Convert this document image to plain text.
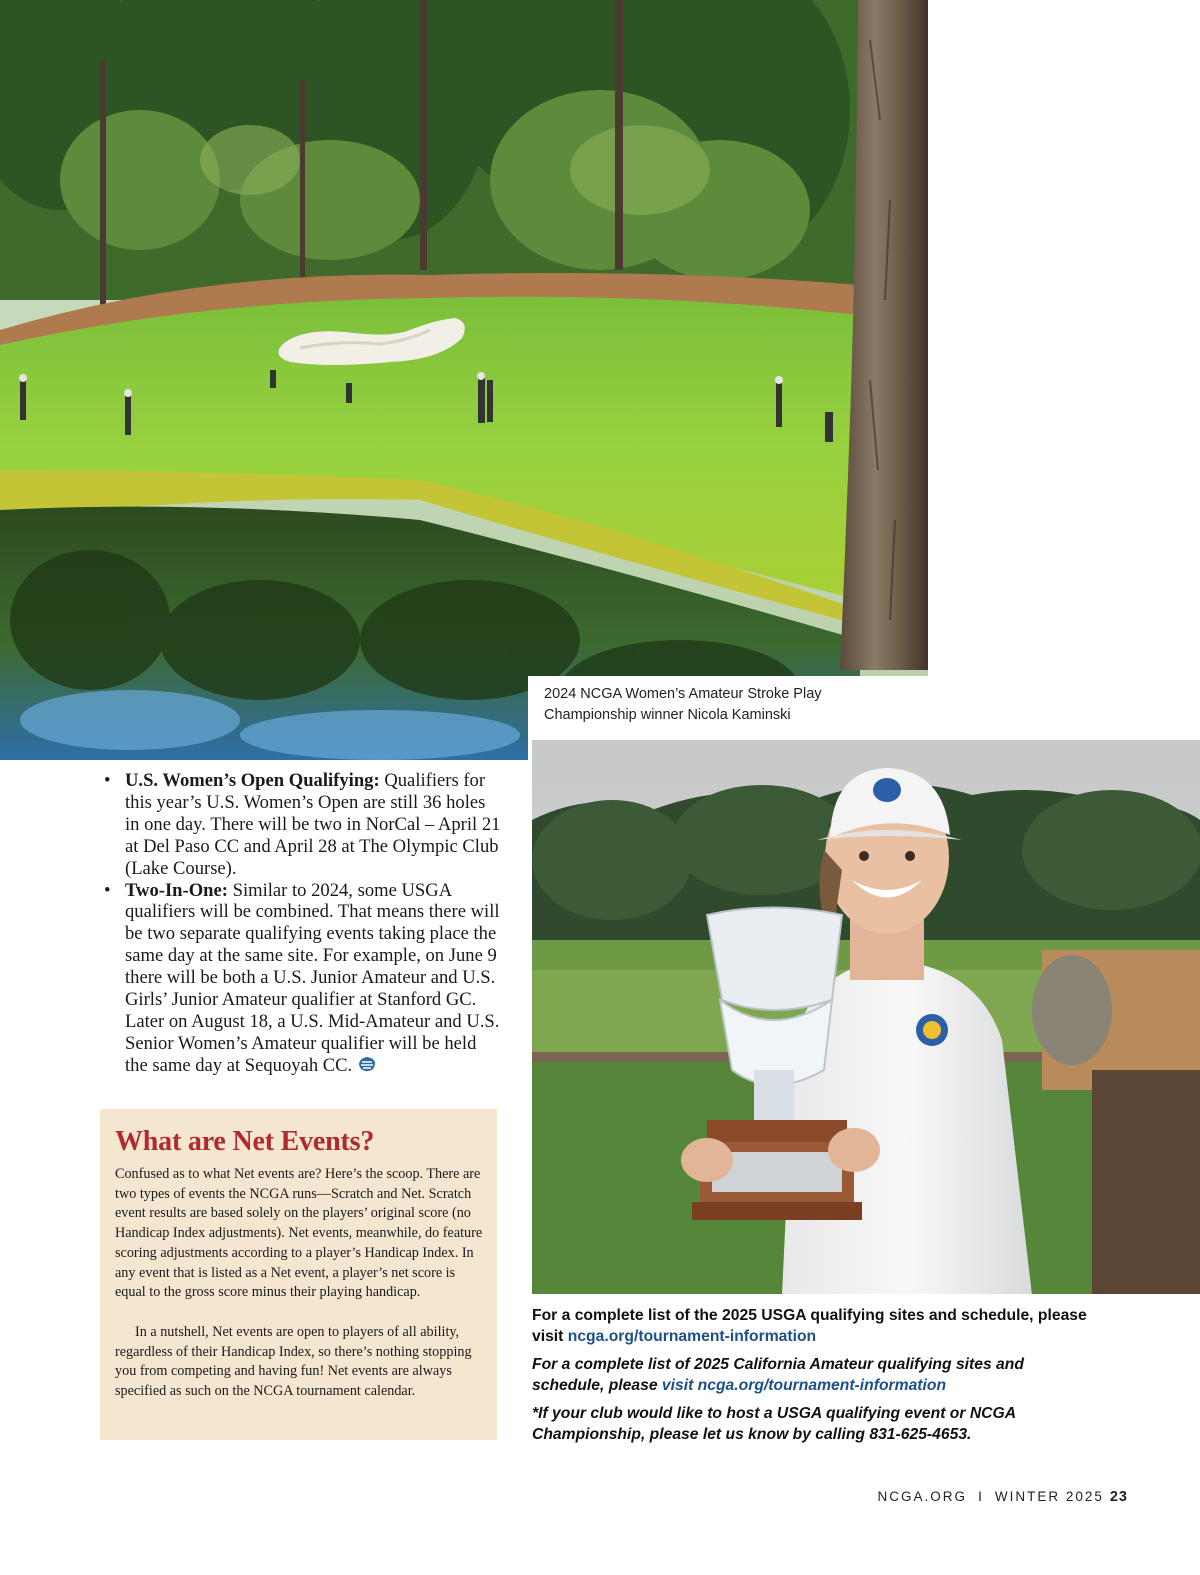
2024 NCGA Women’s Amateur Stroke Play
Championship winner Nicola Kaminski
• U.S. Women’s Open Qualifying: Qualifiers for this year’s U.S. Women’s Open are still 36 holes in one day. There will be two in NorCal – April 21 at Del Paso CC and April 28 at The Olympic Club (Lake Course).
• Two-In-One: Similar to 2024, some USGA qualifiers will be combined. That means there will be two separate qualifying events taking place the same day at the same site. For example, on June 9 there will be both a U.S. Junior Amateur and U.S. Girls’ Junior Amateur qualifier at Stanford GC. Later on August 18, a U.S. Mid-Amateur and U.S. Senior Women’s Amateur qualifier will be held the same day at Sequoyah CC.
What are Net Events?
Confused as to what Net events are? Here’s the scoop. There are two types of events the NCGA runs—Scratch and Net. Scratch event results are based solely on the players’ original score (no Handicap Index adjustments). Net events, meanwhile, do feature scoring adjustments according to a player’s Handicap Index. In any event that is listed as a Net event, a player’s net score is equal to the gross score minus their playing handicap.
In a nutshell, Net events are open to players of all ability, regardless of their Handicap Index, so there’s nothing stopping you from competing and having fun! Net events are always specified as such on the NCGA tournament calendar.
For a complete list of the 2025 USGA qualifying sites and schedule, please visit ncga.org/tournament-information
For a complete list of 2025 California Amateur qualifying sites and schedule, please visit ncga.org/tournament-information
*If your club would like to host a USGA qualifying event or NCGA Championship, please let us know by calling 831-625-4653.
NCGA.ORG I WINTER 2025 23
